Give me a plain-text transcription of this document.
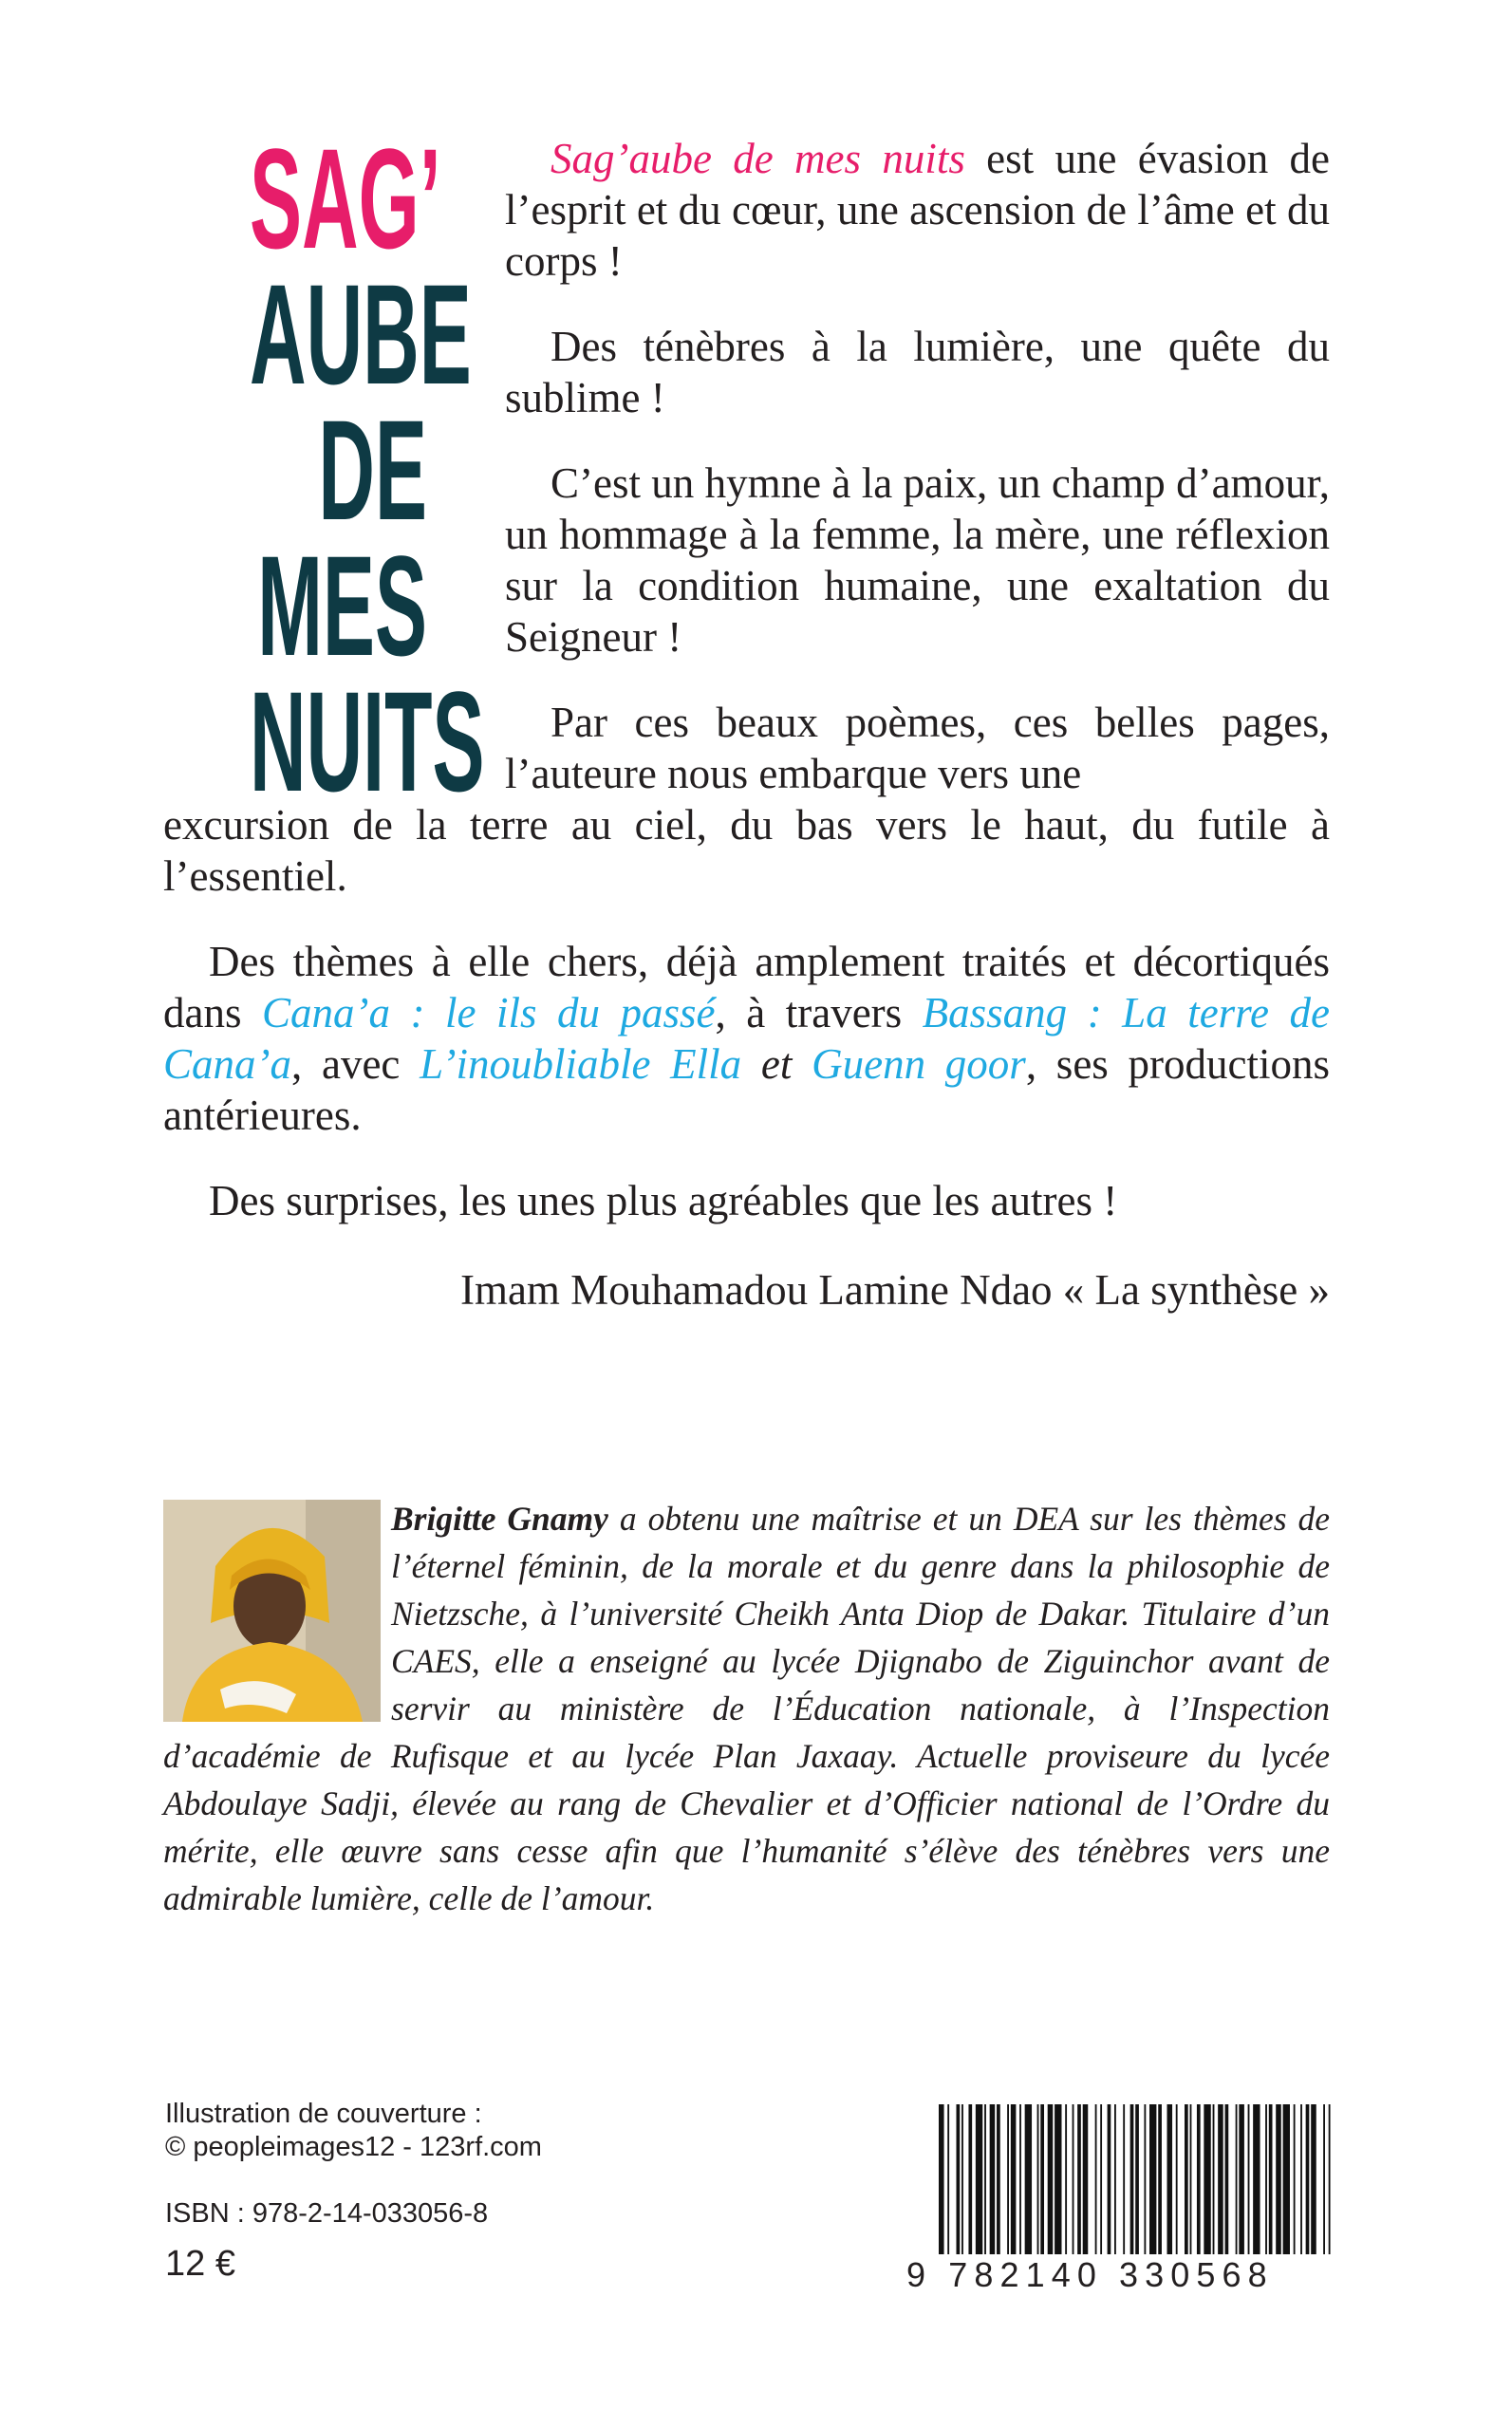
SAG’
AUBE
DE MES
NUITS

Sag’aube de mes nuits est une évasion de l’esprit et du cœur, une ascension de l’âme et du corps !

Des ténèbres à la lumière, une quête du sublime !

C’est un hymne à la paix, un champ d’amour, un hommage à la femme, la mère, une réflexion sur la condition humaine, une exaltation du Seigneur !

Par ces beaux poèmes, ces belles pages, l’auteure nous embarque vers une

excursion de la terre au ciel, du bas vers le haut, du futile à l’essentiel.

Des thèmes à elle chers, déjà amplement traités et décortiqués dans Cana’a : le ils du passé, à travers Bassang : La terre de Cana’a, avec L’inoubliable Ella et Guenn goor, ses productions antérieures.

Des surprises, les unes plus agréables que les autres !

Imam Mouhamadou Lamine Ndao « La synthèse »

Brigitte Gnamy a obtenu une maîtrise et un DEA sur les thèmes de l’éternel féminin, de la morale et du genre dans la philosophie de Nietzsche, à l’université Cheikh Anta Diop de Dakar. Titulaire d’un CAES, elle a enseigné au lycée Djignabo de Ziguinchor avant de servir au ministère de l’Éducation nationale, à l’Inspection d’académie de Rufisque et au lycée Plan Jaxaay. Actuelle proviseure du lycée Abdoulaye Sadji, élevée au rang de Chevalier et d’Officier national de l’Ordre du mérite, elle œuvre sans cesse afin que l’humanité s’élève des ténèbres vers une admirable lumière, celle de l’amour.
Illustration de couverture :
© peopleimages12 - 123rf.com
ISBN : 978-2-14-033056-8
12 €	9 782140 330568
